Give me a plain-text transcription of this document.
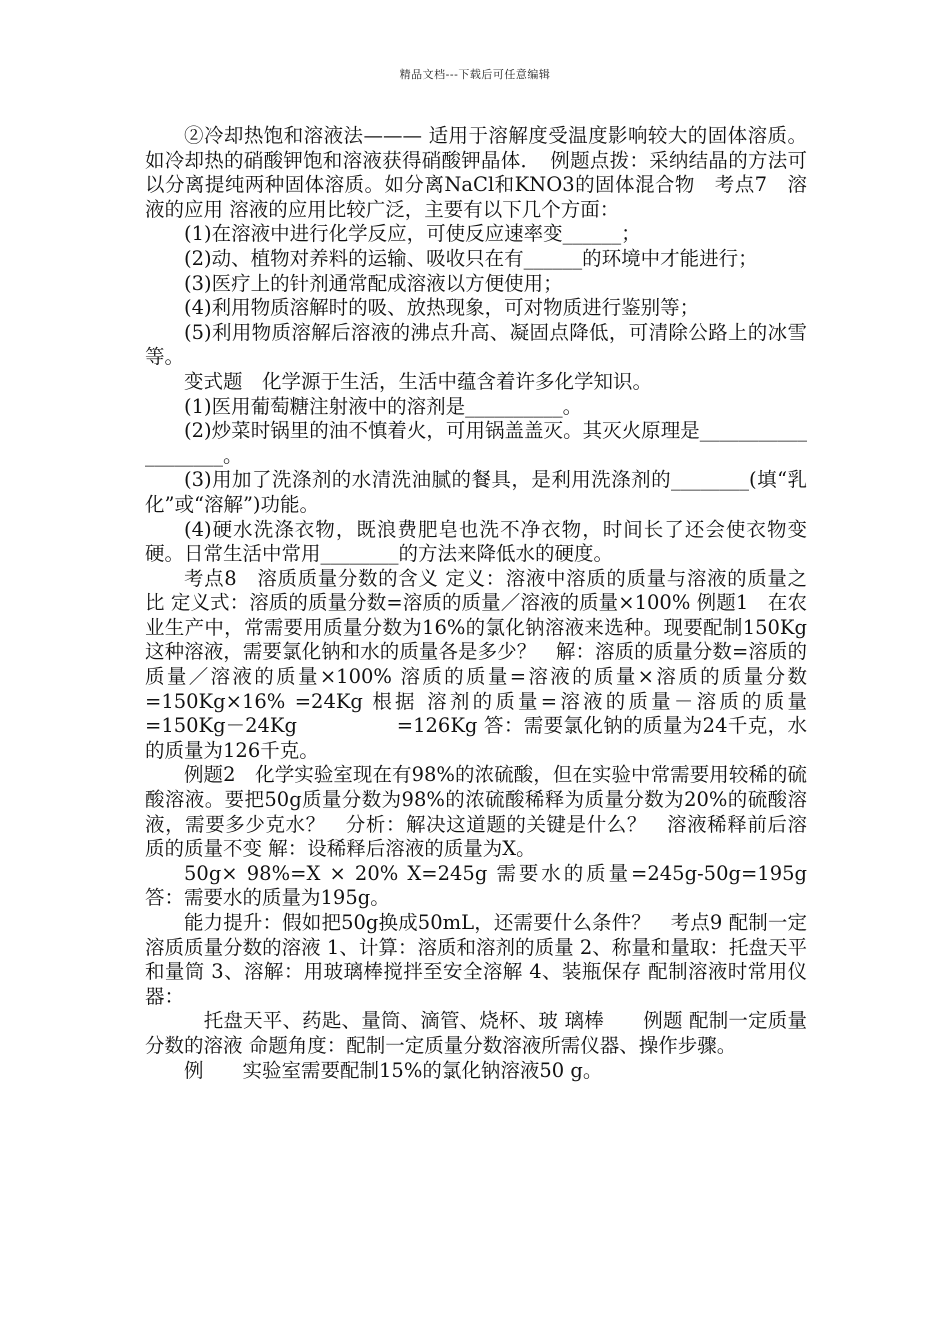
精品文档---下载后可任意编辑

②冷却热饱和溶液法——— 适用于溶解度受温度影响较大的固体溶质。如冷却热的硝酸钾饱和溶液获得硝酸钾晶体．　例题点拨：采纳结晶的方法可以分离提纯两种固体溶质。如分离NaCl和KNO3的固体混合物　考点7　溶液的应用 溶液的应用比较广泛，主要有以下几个方面：

(1)在溶液中进行化学反应，可使反应速率变______；

(2)动、植物对养料的运输、吸收只在有______的环境中才能进行；

(3)医疗上的针剂通常配成溶液以方便使用；

(4)利用物质溶解时的吸、放热现象，可对物质进行鉴别等；

(5)利用物质溶解后溶液的沸点升高、凝固点降低，可清除公路上的冰雪等。

变式题　化学源于生活，生活中蕴含着许多化学知识。

(1)医用葡萄糖注射液中的溶剂是__________。

(2)炒菜时锅里的油不慎着火，可用锅盖盖灭。其灭火原理是___________________。

(3)用加了洗涤剂的水清洗油腻的餐具，是利用洗涤剂的________(填“乳化”或“溶解”)功能。

(4)硬水洗涤衣物，既浪费肥皂也洗不净衣物，时间长了还会使衣物变硬。日常生活中常用________的方法来降低水的硬度。

考点8　溶质质量分数的含义 定义：溶液中溶质的质量与溶液的质量之比 定义式：溶质的质量分数=溶质的质量／溶液的质量×100% 例题1　在农业生产中，常需要用质量分数为16%的氯化钠溶液来选种。现要配制150Kg这种溶液，需要氯化钠和水的质量各是多少？　解：溶质的质量分数=溶质的质量／溶液的质量×100% 溶质的质量=溶液的质量×溶质的质量分数　　　=150Kg×16% =24Kg 根据 溶剂的质量=溶液的质量－溶质的质量　　　　=150Kg－24Kg　　　　　=126Kg 答：需要氯化钠的质量为24千克，水的质量为126千克。

例题2　化学实验室现在有98%的浓硫酸，但在实验中常需要用较稀的硫酸溶液。要把50g质量分数为98%的浓硫酸稀释为质量分数为20%的硫酸溶液，需要多少克水？　分析：解决这道题的关键是什么？　溶液稀释前后溶质的质量不变 解：设稀释后溶液的质量为X。

50g× 98%=X × 20% X=245g 需要水的质量=245g-50g=195g 答：需要水的质量为195g。

能力提升：假如把50g换成50mL，还需要什么条件？　考点9 配制一定溶质质量分数的溶液 1、计算：溶质和溶剂的质量 2、称量和量取：托盘天平和量筒 3、溶解：用玻璃棒搅拌至安全溶解 4、装瓶保存 配制溶液时常用仪器：

　托盘天平、药匙、量筒、滴管、烧杯、玻 璃棒　　例题 配制一定质量分数的溶液 命题角度：配制一定质量分数溶液所需仪器、操作步骤。

例　　实验室需要配制15%的氯化钠溶液50 g。
